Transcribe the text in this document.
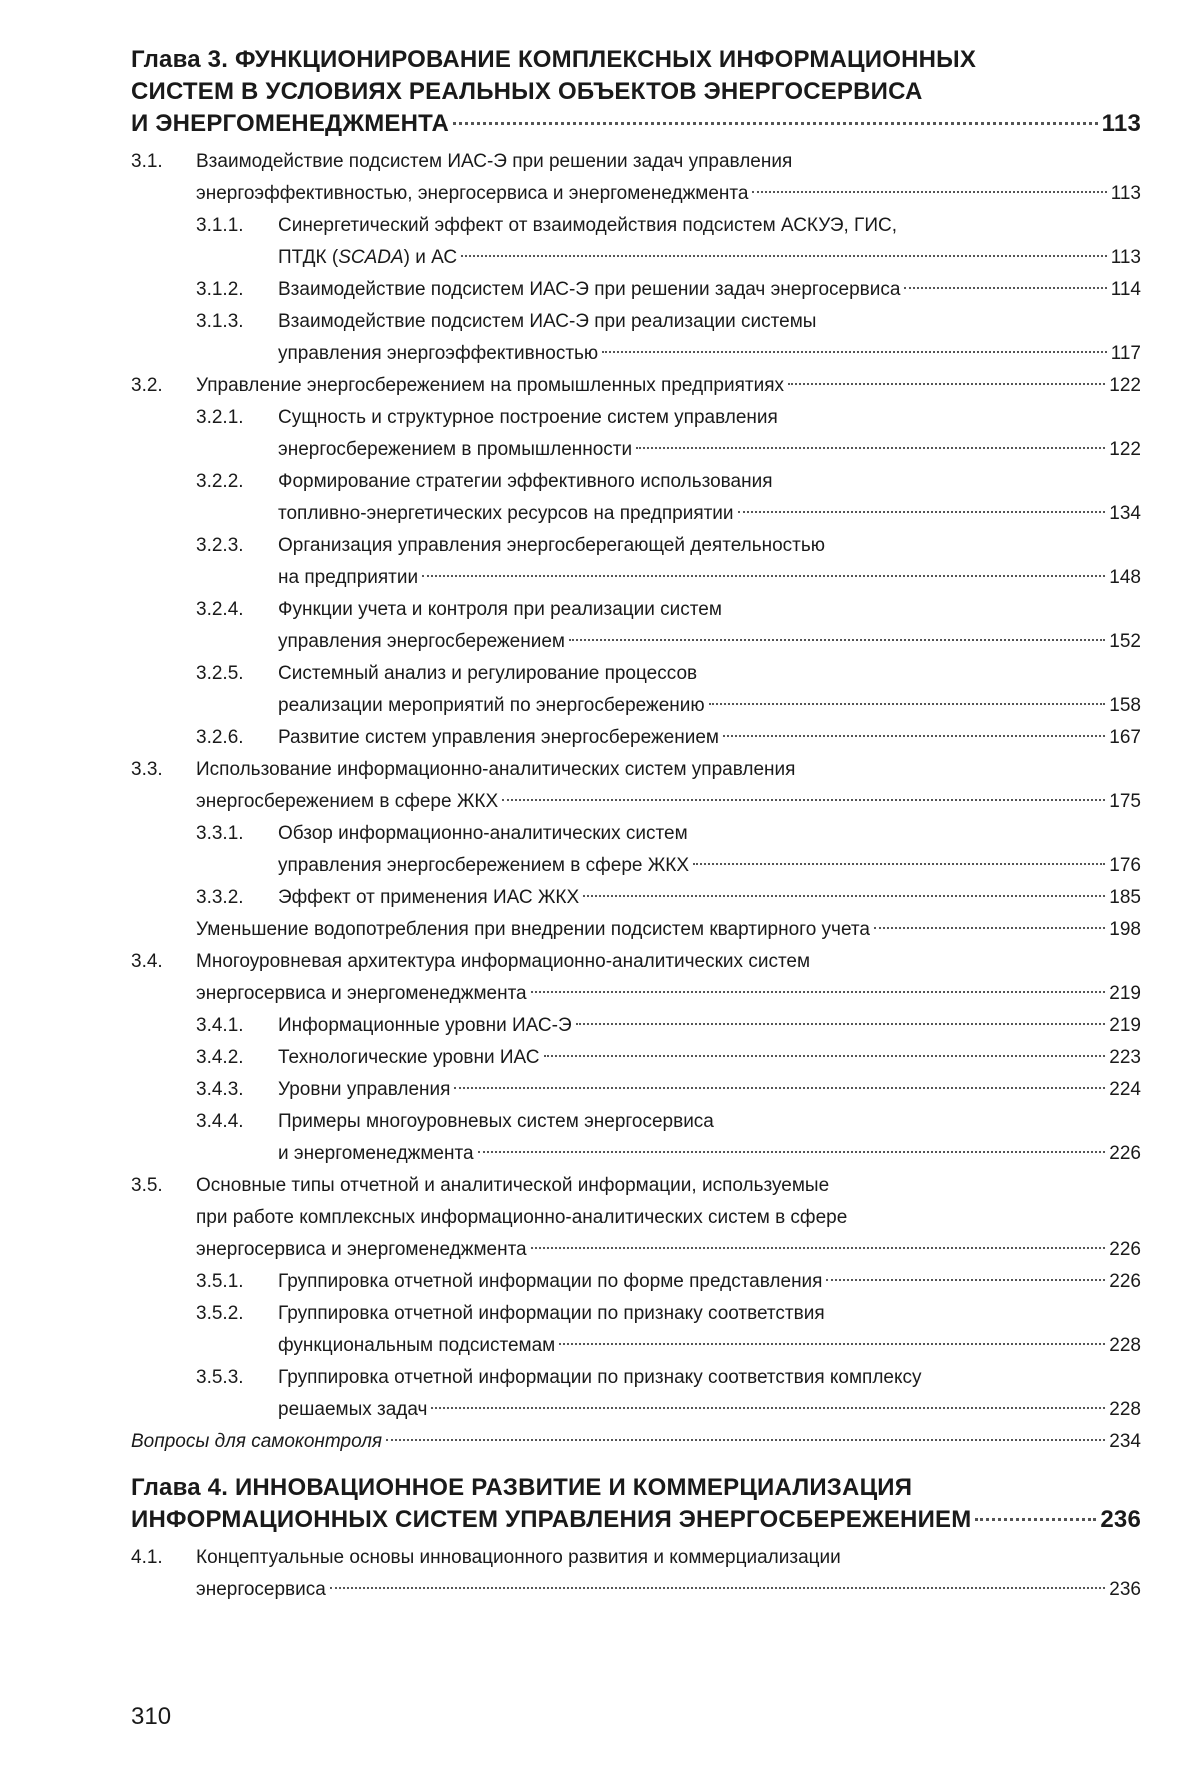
Глава 3. ФУНКЦИОНИРОВАНИЕ КОМПЛЕКСНЫХ ИНФОРМАЦИОННЫХ
СИСТЕМ В УСЛОВИЯХ РЕАЛЬНЫХ ОБЪЕКТОВ ЭНЕРГОСЕРВИСА
И ЭНЕРГОМЕНЕДЖМЕНТА	113
3.1.	Взаимодействие подсистем ИАС-Э при решении задач управления
энергоэффективностью, энергосервиса и энергоменеджмента	113
3.1.1.	Синергетический эффект от взаимодействия подсистем АСКУЭ, ГИС,
ПТДК (SCADA) и АС	113
3.1.2.	Взаимодействие подсистем ИАС-Э при решении задач энергосервиса	114
3.1.3.	Взаимодействие подсистем ИАС-Э при реализации системы
управления энергоэффективностью	117
3.2.	Управление энергосбережением на промышленных предприятиях	122
3.2.1.	Сущность и структурное построение систем управления
энергосбережением в промышленности	122
3.2.2.	Формирование стратегии эффективного использования
топливно-энергетических ресурсов на предприятии	134
3.2.3.	Организация управления энергосберегающей деятельностью
на предприятии	148
3.2.4.	Функции учета и контроля при реализации систем
управления энергосбережением	152
3.2.5.	Системный анализ и регулирование процессов
реализации мероприятий по энергосбережению	158
3.2.6.	Развитие систем управления энергосбережением	167
3.3.	Использование информационно-аналитических систем управления
энергосбережением в сфере ЖКХ	175
3.3.1.	Обзор информационно-аналитических систем
управления энергосбережением в сфере ЖКХ	176
3.3.2.	Эффект от применения ИАС ЖКХ	185
Уменьшение водопотребления при внедрении подсистем квартирного учета	198
3.4.	Многоуровневая архитектура информационно-аналитических систем
энергосервиса и энергоменеджмента	219
3.4.1.	Информационные уровни ИАС-Э	219
3.4.2.	Технологические уровни ИАС	223
3.4.3.	Уровни управления	224
3.4.4.	Примеры многоуровневых систем энергосервиса
и энергоменеджмента	226
3.5.	Основные типы отчетной и аналитической информации, используемые
при работе комплексных информационно-аналитических систем в сфере
энергосервиса и энергоменеджмента	226
3.5.1.	Группировка отчетной информации по форме представления	226
3.5.2.	Группировка отчетной информации по признаку соответствия
функциональным подсистемам	228
3.5.3.	Группировка отчетной информации по признаку соответствия комплексу
решаемых задач	228
Вопросы для самоконтроля	234
Глава 4. ИННОВАЦИОННОЕ РАЗВИТИЕ И КОММЕРЦИАЛИЗАЦИЯ
ИНФОРМАЦИОННЫХ СИСТЕМ УПРАВЛЕНИЯ ЭНЕРГОСБЕРЕЖЕНИЕМ	236
4.1.	Концептуальные основы инновационного развития и коммерциализации
энергосервиса	236
310
